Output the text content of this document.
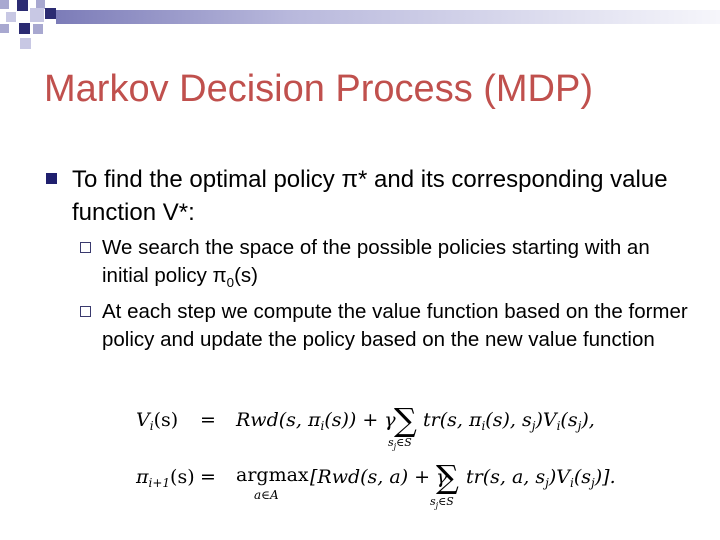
Markov Decision Process (MDP)
To find the optimal policy π* and its corresponding value function V*:
We search the space of the possible policies starting with an initial policy $\pi_0(s)$
At each step we compute the value function based on the former policy and update the policy based on the new value function
$V_i(s) = Rwd(s$, $\pi_i(s)) + \gamma$
∑
$s_j\in S$
tr(s, $\pi_i(s)$, $s_j)V_i(s_j)$,
$\pi_{i+1}(s) = argmax$
a∈A
[Rwd(s, a) + γ
∑
$s_j\in S$
tr(s, a, $s_j)V_i(s_j)$].
